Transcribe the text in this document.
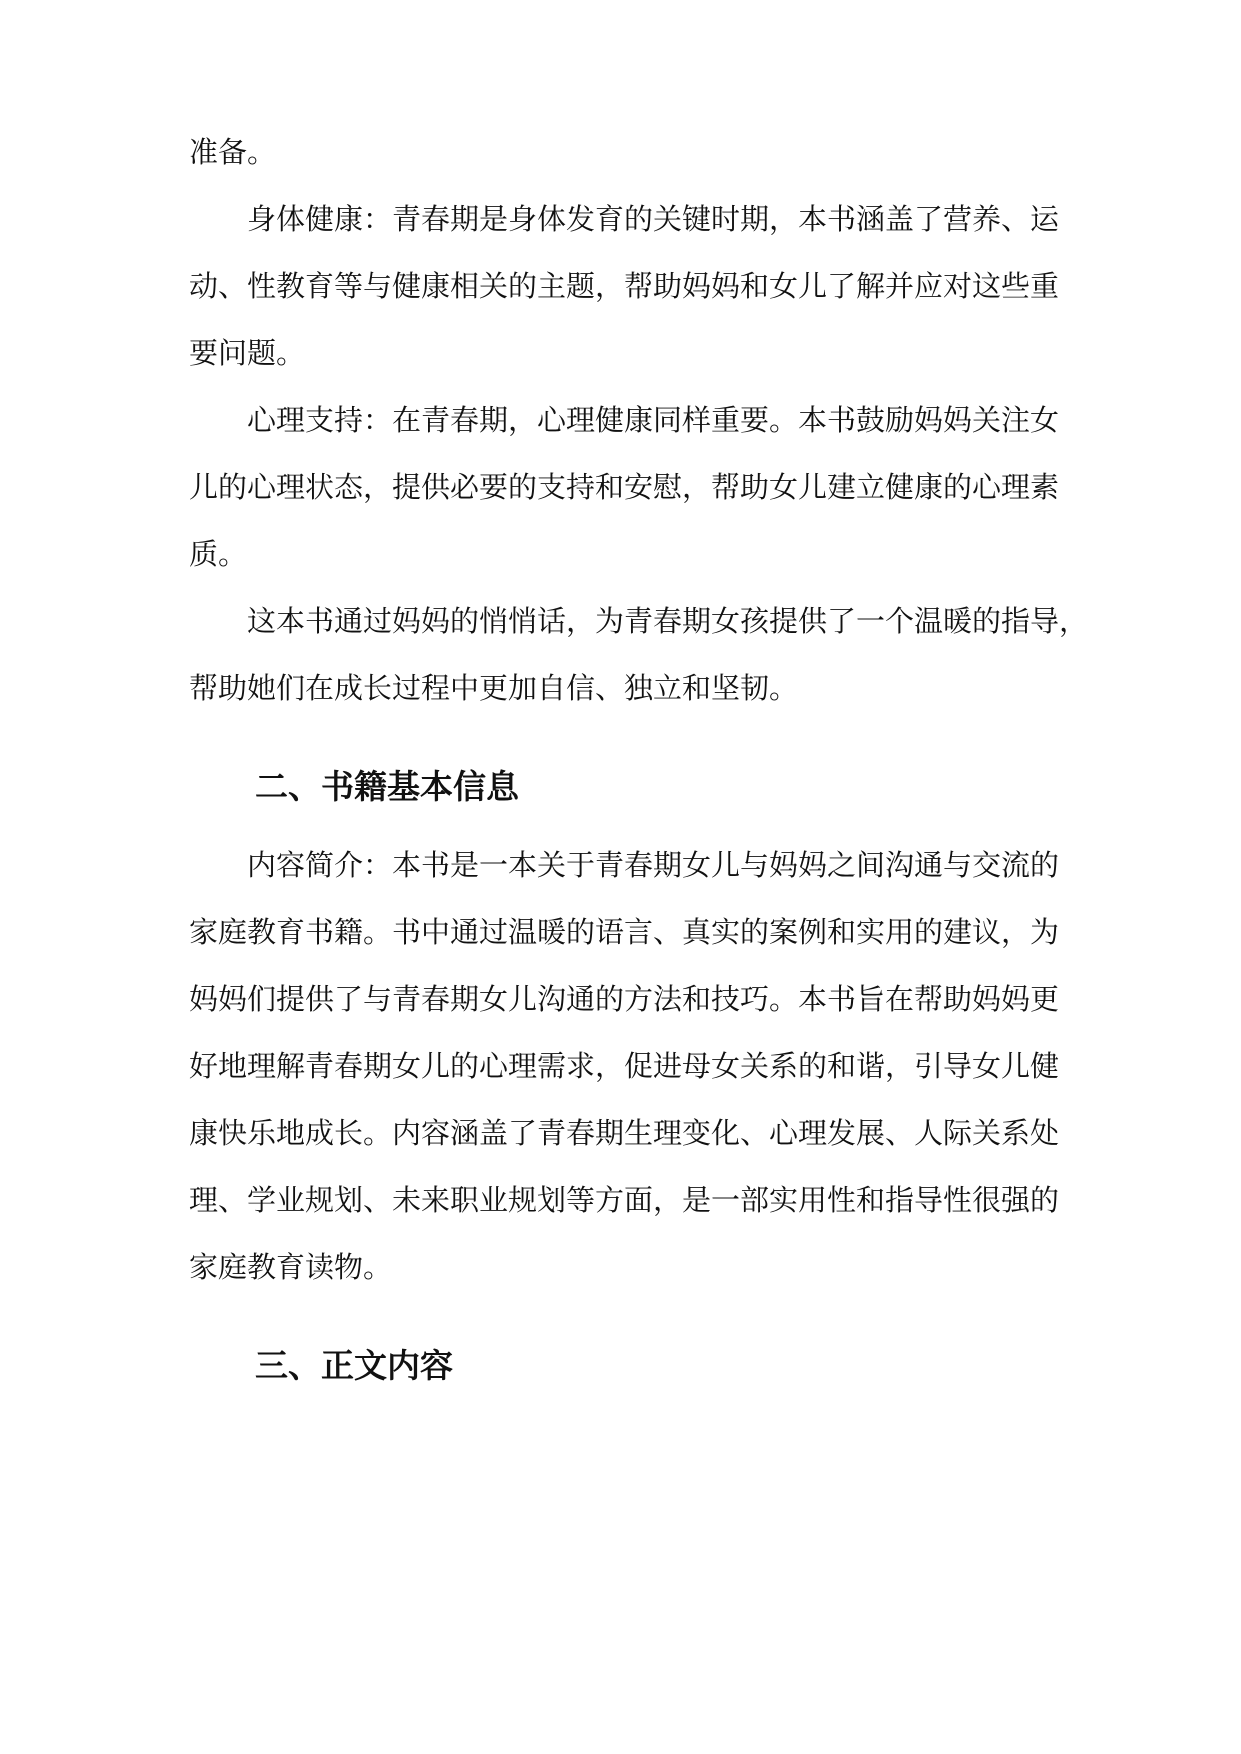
准备。

身体健康：青春期是身体发育的关键时期，本书涵盖了营养、运

动、性教育等与健康相关的主题，帮助妈妈和女儿了解并应对这些重

要问题。

心理支持：在青春期，心理健康同样重要。本书鼓励妈妈关注女

儿的心理状态，提供必要的支持和安慰，帮助女儿建立健康的心理素

质。

这本书通过妈妈的悄悄话，为青春期女孩提供了一个温暖的指导，

帮助她们在成长过程中更加自信、独立和坚韧。

二、书籍基本信息

内容简介：本书是一本关于青春期女儿与妈妈之间沟通与交流的

家庭教育书籍。书中通过温暖的语言、真实的案例和实用的建议，为

妈妈们提供了与青春期女儿沟通的方法和技巧。本书旨在帮助妈妈更

好地理解青春期女儿的心理需求，促进母女关系的和谐，引导女儿健

康快乐地成长。内容涵盖了青春期生理变化、心理发展、人际关系处

理、学业规划、未来职业规划等方面，是一部实用性和指导性很强的

家庭教育读物。

三、正文内容
